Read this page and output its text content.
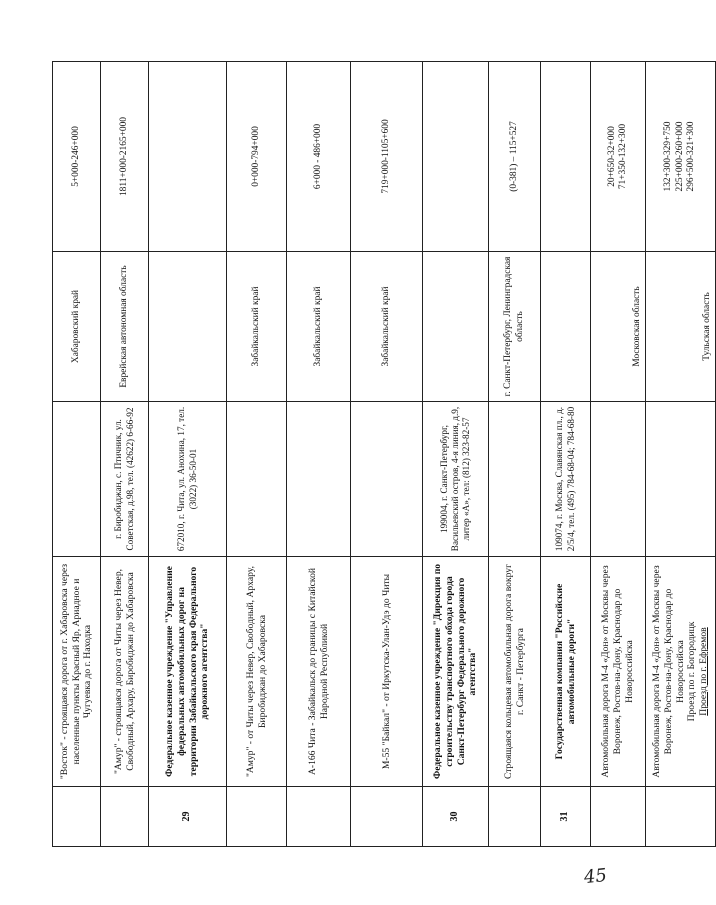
	"Восток" - строящаяся дорога от г. Хабаровска через населенные пункты Красный Яр, Ариадное и Чугуевка до г. Находка		Хабаровский край	5+000-246+000
	"Амур" - строящаяся дорога от Читы через Невер, Свободный, Архару, Биробиджан до Хабаровска	г. Биробиджан, с. Птичник, ул. Советская, д.98, тел. (42622) 6-66-92	Еврейская автономная область	1811+000-2165+000
29	Федеральное казенное учреждение "Управление федеральных автомобильных дорог на территории Забайкальского края Федерального дорожного агентства"	672010, г. Чита, ул. Анохина, 17, тел. (3022) 36-50-01		
	"Амур" - от Читы через Невер, Свободный, Архару, Биробиджан до Хабаровска		Забайкальский край	0+000-794+000
	А-166 Чита - Забайкальск до границы с Китайской Народной Республикой		Забайкальский край	6+000 - 486+000
	М-55 "Байкал" - от Иркутска-Улан-Удэ до Читы		Забайкальский край	719+000-1105+600
30	Федеральное казенное учреждение "Дирекция по строительству транспортного обхода города Санкт-Петербург Федерального дорожного агентства"	199004, г. Санкт-Петербург, Васильевский остров, 4-я линия, д.9, литер «А», тел: (812) 323-82-57		
	Строящаяся кольцевая автомобильная дорога вокруг г. Санкт - Петербурга		г. Санкт-Петербург, Ленинградская область	(0-381) – 115+527
31	Государственная компания "Российские автомобильные дороги"	109074, г. Москва, Славянская пл., д. 2/5/4, тел. (495) 784-68-04; 784-68-80		
	Автомобильная дорога М-4 «Дон» от Москвы через Воронеж, Ростов-на-Дону, Краснодар до Новороссийска		Московская область	20+650-32+000 71+350-132+300

	Автомобильная дорога М-4 «Дон» от Москвы через Воронеж, Ростов-на-Дону, Краснодар до Новороссийска Проезд по г. Богородицк Проезд по г. Ефремов		Тульская область	132+300-329+750 225+000-260+000 296+500-321+300
45
